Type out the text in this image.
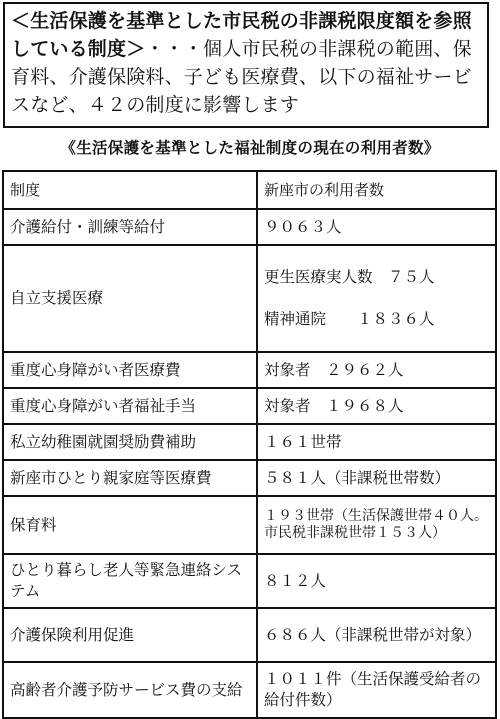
＜生活保護を基準とした市民税の非課税限度額を参照している制度＞・・・個人市民税の非課税の範囲、保育料、介護保険料、子ども医療費、以下の福祉サービスなど、４２の制度に影響します
《生活保護を基準とした福祉制度の現在の利用者数》
制度	新座市の利用者数
介護給付・訓練等給付	９０６３人
自立支援医療	更生医療実人数　７５人

精神通院　　１８３６人

重度心身障がい者医療費	対象者　２９６２人
重度心身障がい者福祉手当	対象者　１９６８人
私立幼稚園就園奨励費補助	１６１世帯
新座市ひとり親家庭等医療費	５８１人（非課税世帯数）
保育料	１９３世帯（生活保護世帯４０人。市民税非課税世帯１５３人）
ひとり暮らし老人等緊急連絡システム	８１２人
介護保険利用促進	６８６人（非課税世帯が対象）
高齢者介護予防サービス費の支給	１０１１件（生活保護受給者の給付件数）
